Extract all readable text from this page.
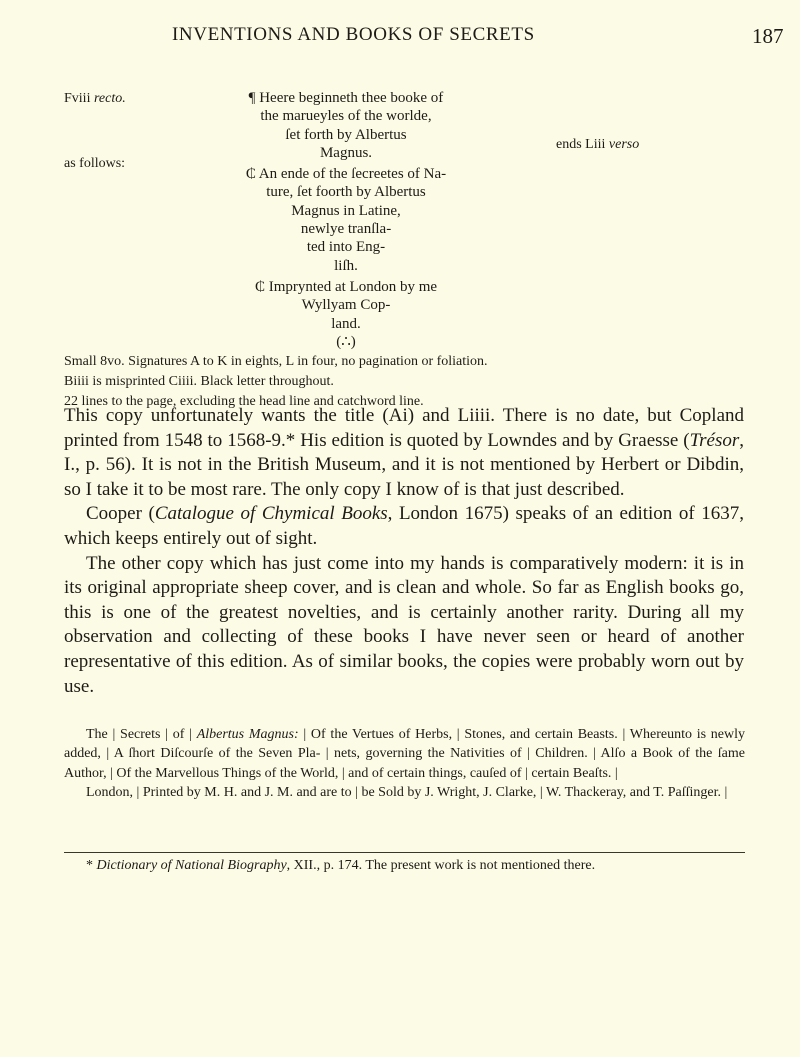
INVENTIONS AND BOOKS OF SECRETS	187
Fviii recto.
as follows:
ends Liii verso

¶ Heere beginneth thee booke of
the marueyles of the worlde,
ſet forth by Albertus
Magnus.

₵ An ende of the ſecreetes of Na-
ture, ſet foorth by Albertus
Magnus in Latine,
newlye tranſla-
ted into Eng-
liſh.

₵ Imprynted at London by me
Wyllyam Cop-
land.
(∴)

Small 8vo. Signatures A to K in eights, L in four, no pagination or foliation.

Biiii is misprinted Ciiii. Black letter throughout.

22 lines to the page, excluding the head line and catchword line.

This copy unfortunately wants the title (Ai) and Liiii. There is no date, but Copland printed from 1548 to 1568-9.* His edition is quoted by Lowndes and by Graesse (Trésor, I., p. 56). It is not in the British Museum, and it is not mentioned by Herbert or Dibdin, so I take it to be most rare. The only copy I know of is that just described.

Cooper (Catalogue of Chymical Books, London 1675) speaks of an edition of 1637, which keeps entirely out of sight.

The other copy which has just come into my hands is comparatively modern: it is in its original appropriate sheep cover, and is clean and whole. So far as English books go, this is one of the greatest novelties, and is certainly another rarity. During all my observation and collecting of these books I have never seen or heard of another representative of this edition. As of similar books, the copies were probably worn out by use.

The | Secrets | of | Albertus Magnus: | Of the Vertues of Herbs, | Stones, and certain Beasts. | Whereunto is newly added, | A ſhort Diſcourſe of the Seven Pla- | nets, governing the Nativities of | Children. | Alſo a Book of the ſame Author, | Of the Marvellous Things of the World, | and of certain things, cauſed of | certain Beaſts. |

London, | Printed by M. H. and J. M. and are to | be Sold by J. Wright, J. Clarke, | W. Thackeray, and T. Paſſinger. |

* Dictionary of National Biography, XII., p. 174. The present work is not mentioned there.
